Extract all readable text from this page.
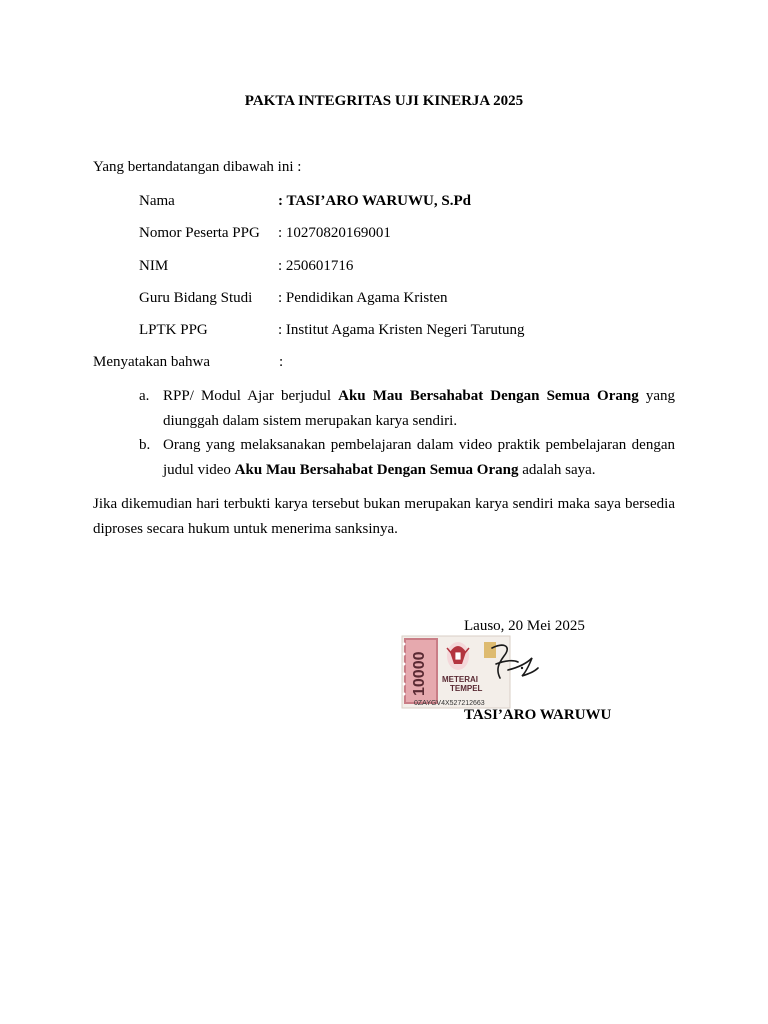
PAKTA INTEGRITAS UJI KINERJA 2025
Yang bertandatangan dibawah ini :
Nama	: TASI’ARO WARUWU, S.Pd
Nomor Peserta PPG : 10270820169001
NIM	: 250601716
Guru Bidang Studi : Pendidikan Agama Kristen
LPTK PPG	: Institut Agama Kristen Negeri Tarutung
Menyatakan bahwa	:
a. RPP/ Modul Ajar berjudul Aku Mau Bersahabat Dengan Semua Orang yang diunggah dalam sistem merupakan karya sendiri.
b. Orang yang melaksanakan pembelajaran dalam video praktik pembelajaran dengan judul video Aku Mau Bersahabat Dengan Semua Orang adalah saya.
Jika dikemudian hari terbukti karya tersebut bukan merupakan karya sendiri maka saya bersedia diproses secara hukum untuk menerima sanksinya.
Lauso, 20 Mei 2025
10000 METERAI
TEMPEL
0ZAYGV4X527212663
TASI’ARO WARUWU
